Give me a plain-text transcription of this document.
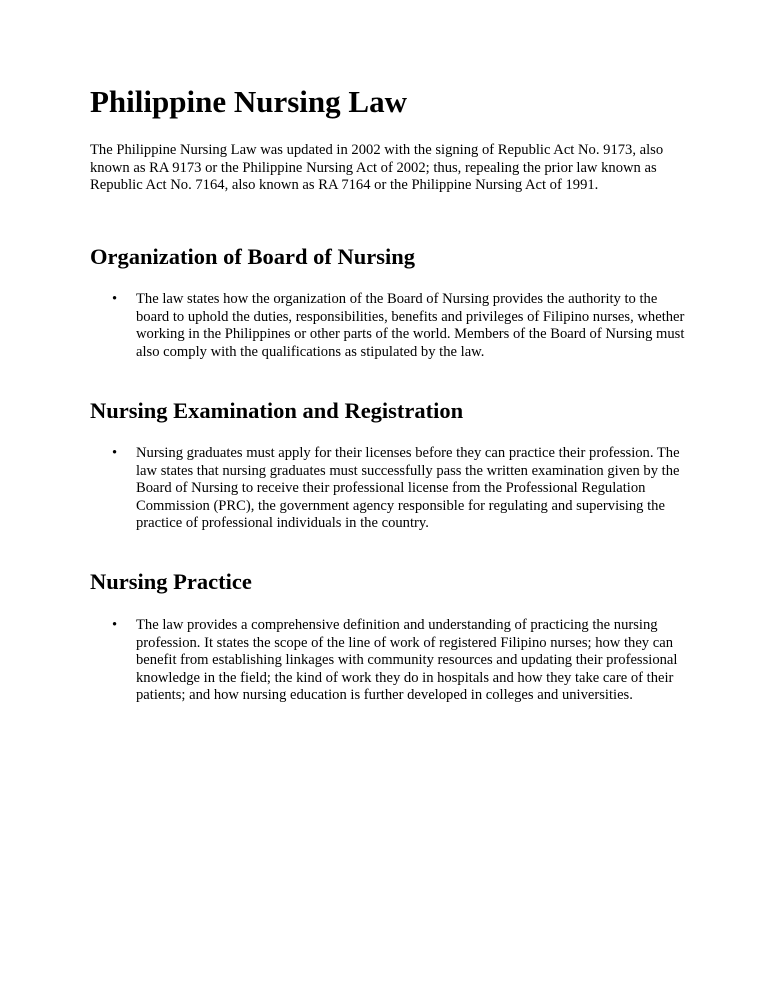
Philippine Nursing Law

The Philippine Nursing Law was updated in 2002 with the signing of Republic Act No. 9173, also known as RA 9173 or the Philippine Nursing Act of 2002; thus, repealing the prior law known as Republic Act No. 7164, also known as RA 7164 or the Philippine Nursing Act of 1991.

Organization of Board of Nursing
• The law states how the organization of the Board of Nursing provides the authority to the board to uphold the duties, responsibilities, benefits and privileges of Filipino nurses, whether working in the Philippines or other parts of the world. Members of the Board of Nursing must also comply with the qualifications as stipulated by the law.
Nursing Examination and Registration
• Nursing graduates must apply for their licenses before they can practice their profession. The law states that nursing graduates must successfully pass the written examination given by the Board of Nursing to receive their professional license from the Professional Regulation Commission (PRC), the government agency responsible for regulating and supervising the practice of professional individuals in the country.
Nursing Practice
• The law provides a comprehensive definition and understanding of practicing the nursing profession. It states the scope of the line of work of registered Filipino nurses; how they can benefit from establishing linkages with community resources and updating their professional knowledge in the field; the kind of work they do in hospitals and how they take care of their patients; and how nursing education is further developed in colleges and universities.
